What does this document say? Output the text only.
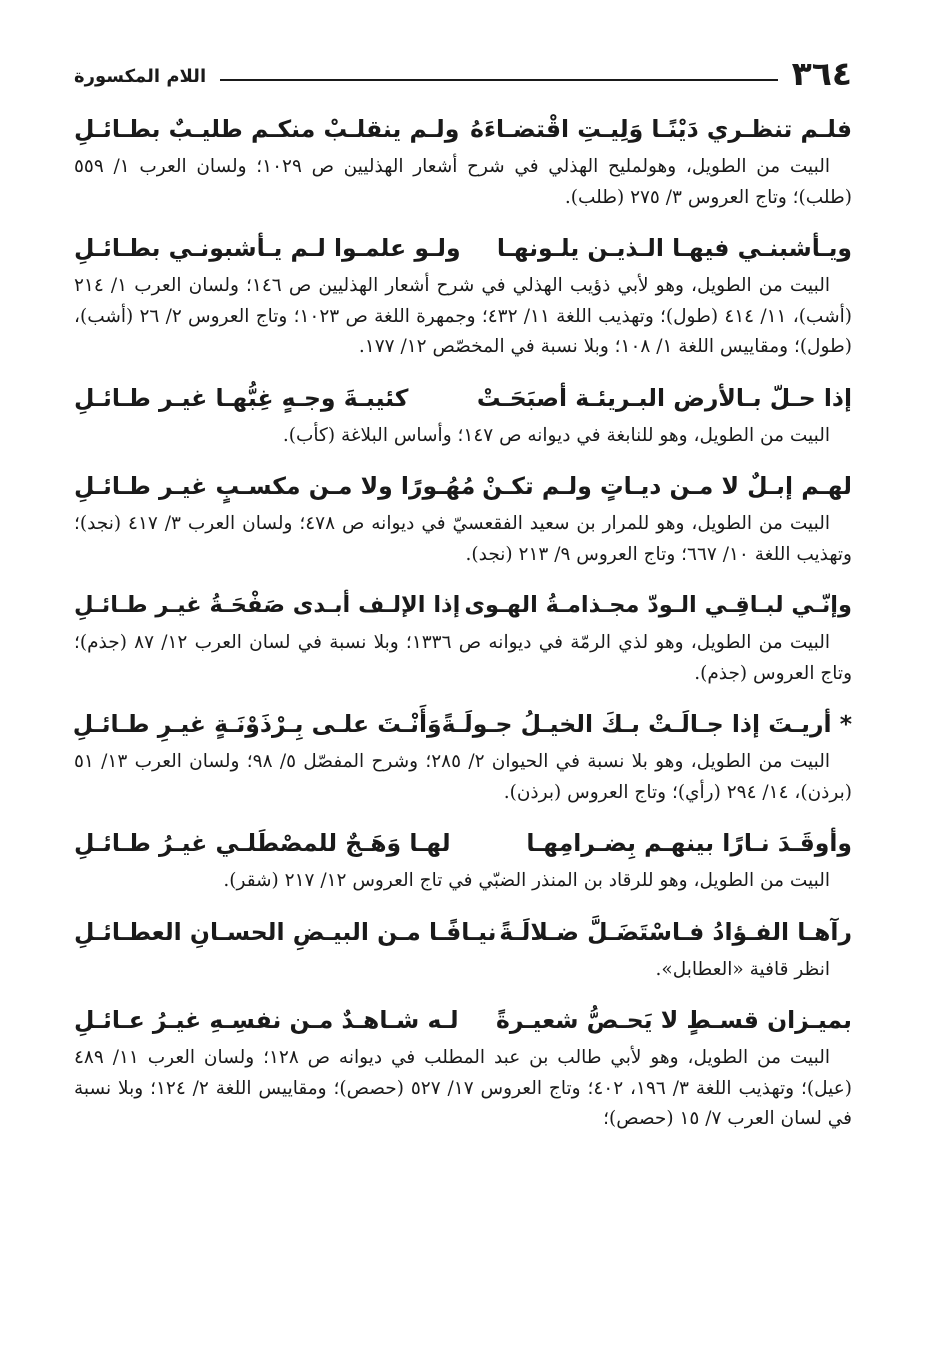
٣٦٤
اللام المكسورة
فلـم تنظـري دَيْنًـا وَلِيـتِ اقْتضـاءَهُ
ولـم ينقلـبْ منكـم طليـبٌ بطـائـلِ

البيت من الطويل، وهولمليح الهذلي في شرح أشعار الهذليين ص ١٠٢٩؛ ولسان العرب ١/ ٥٥٩ (طلب)؛ وتاج العروس ٣/ ٢٧٥ (طلب).

ويـأشبنـي فيهـا الـذيـن يلـونهـا
ولـو علمـوا لـم يـأشبونـي بطـائـلِ

البيت من الطويل، وهو لأبي ذؤيب الهذلي في شرح أشعار الهذليين ص ١٤٦؛ ولسان العرب ١/ ٢١٤ (أشب)، ١١/ ٤١٤ (طول)؛ وتهذيب اللغة ١١/ ٤٣٢؛ وجمهرة اللغة ص ١٠٢٣؛ وتاج العروس ٢/ ٢٦ (أشب)، (طول)؛ ومقاييس اللغة ١/ ١٠٨؛ وبلا نسبة في المخصّص ١٢/ ١٧٧.

إذا حـلّ بـالأرض البـريئـة أصبَحَـتْ
كئيبـةَ وجـهٍ غِبُّهـا غيـر طـائـلِ

البيت من الطويل، وهو للنابغة في ديوانه ص ١٤٧؛ وأساس البلاغة (كأب).

لهـم إبـلٌ لا مـن ديـاتٍ ولـم تكـنْ
مُهُـورًا ولا مـن مكسـبٍ غيـر طـائـلِ

البيت من الطويل، وهو للمرار بن سعيد الفقعسيّ في ديوانه ص ٤٧٨؛ ولسان العرب ٣/ ٤١٧ (نجد)؛ وتهذيب اللغة ١٠/ ٦٦٧؛ وتاج العروس ٩/ ٢١٣ (نجد).

وإنّـي لبـاقِـي الـودّ مجـذامـةُ الهـوى
إذا الإلـف أبـدى صَفْحَـةُ غيـر طـائـلِ

البيت من الطويل، وهو لذي الرمّة في ديوانه ص ١٣٣٦؛ وبلا نسبة في لسان العرب ١٢/ ٨٧ (جذم)؛ وتاج العروس (جذم).

* أريـتَ إذا جـالَـتْ بـكَ الخيـلُ جـولَـةً
وَأَنْـتَ علـى بِـرْذَوْنَـةٍ غيـرِ طـائـلِ

البيت من الطويل، وهو بلا نسبة في الحيوان ٢/ ٢٨٥؛ وشرح المفصّل ٥/ ٩٨؛ ولسان العرب ١٣/ ٥١ (برذن)، ١٤/ ٢٩٤ (رأي)؛ وتاج العروس (برذن).

وأوقَـدَ نـارًا بينهـم بِضـرامِهـا
لهـا وَهَـجٌ للمصْطَلـي غيـرُ طـائـلِ

البيت من الطويل، وهو للرقاد بن المنذر الضبّي في تاج العروس ١٢/ ٢١٧ (شقر).

رآهـا الفـؤادُ فـاسْتَضَـلَّ ضـلالَـةً
نيـافًـا مـن البيـضِ الحسـانِ العطـائـلِ

انظر قافية «العطابل».

بميـزان قسـطٍ لا يَحـصُّ شعيـرةً
لـه شـاهـدٌ مـن نفسِـهِ غيـرُ عـائـلِ

البيت من الطويل، وهو لأبي طالب بن عبد المطلب في ديوانه ص ١٢٨؛ ولسان العرب ١١/ ٤٨٩ (عيل)؛ وتهذيب اللغة ٣/ ١٩٦، ٤٠٢؛ وتاج العروس ١٧/ ٥٢٧ (حصص)؛ ومقاييس اللغة ٢/ ١٢٤؛ وبلا نسبة في لسان العرب ٧/ ١٥ (حصص)؛
